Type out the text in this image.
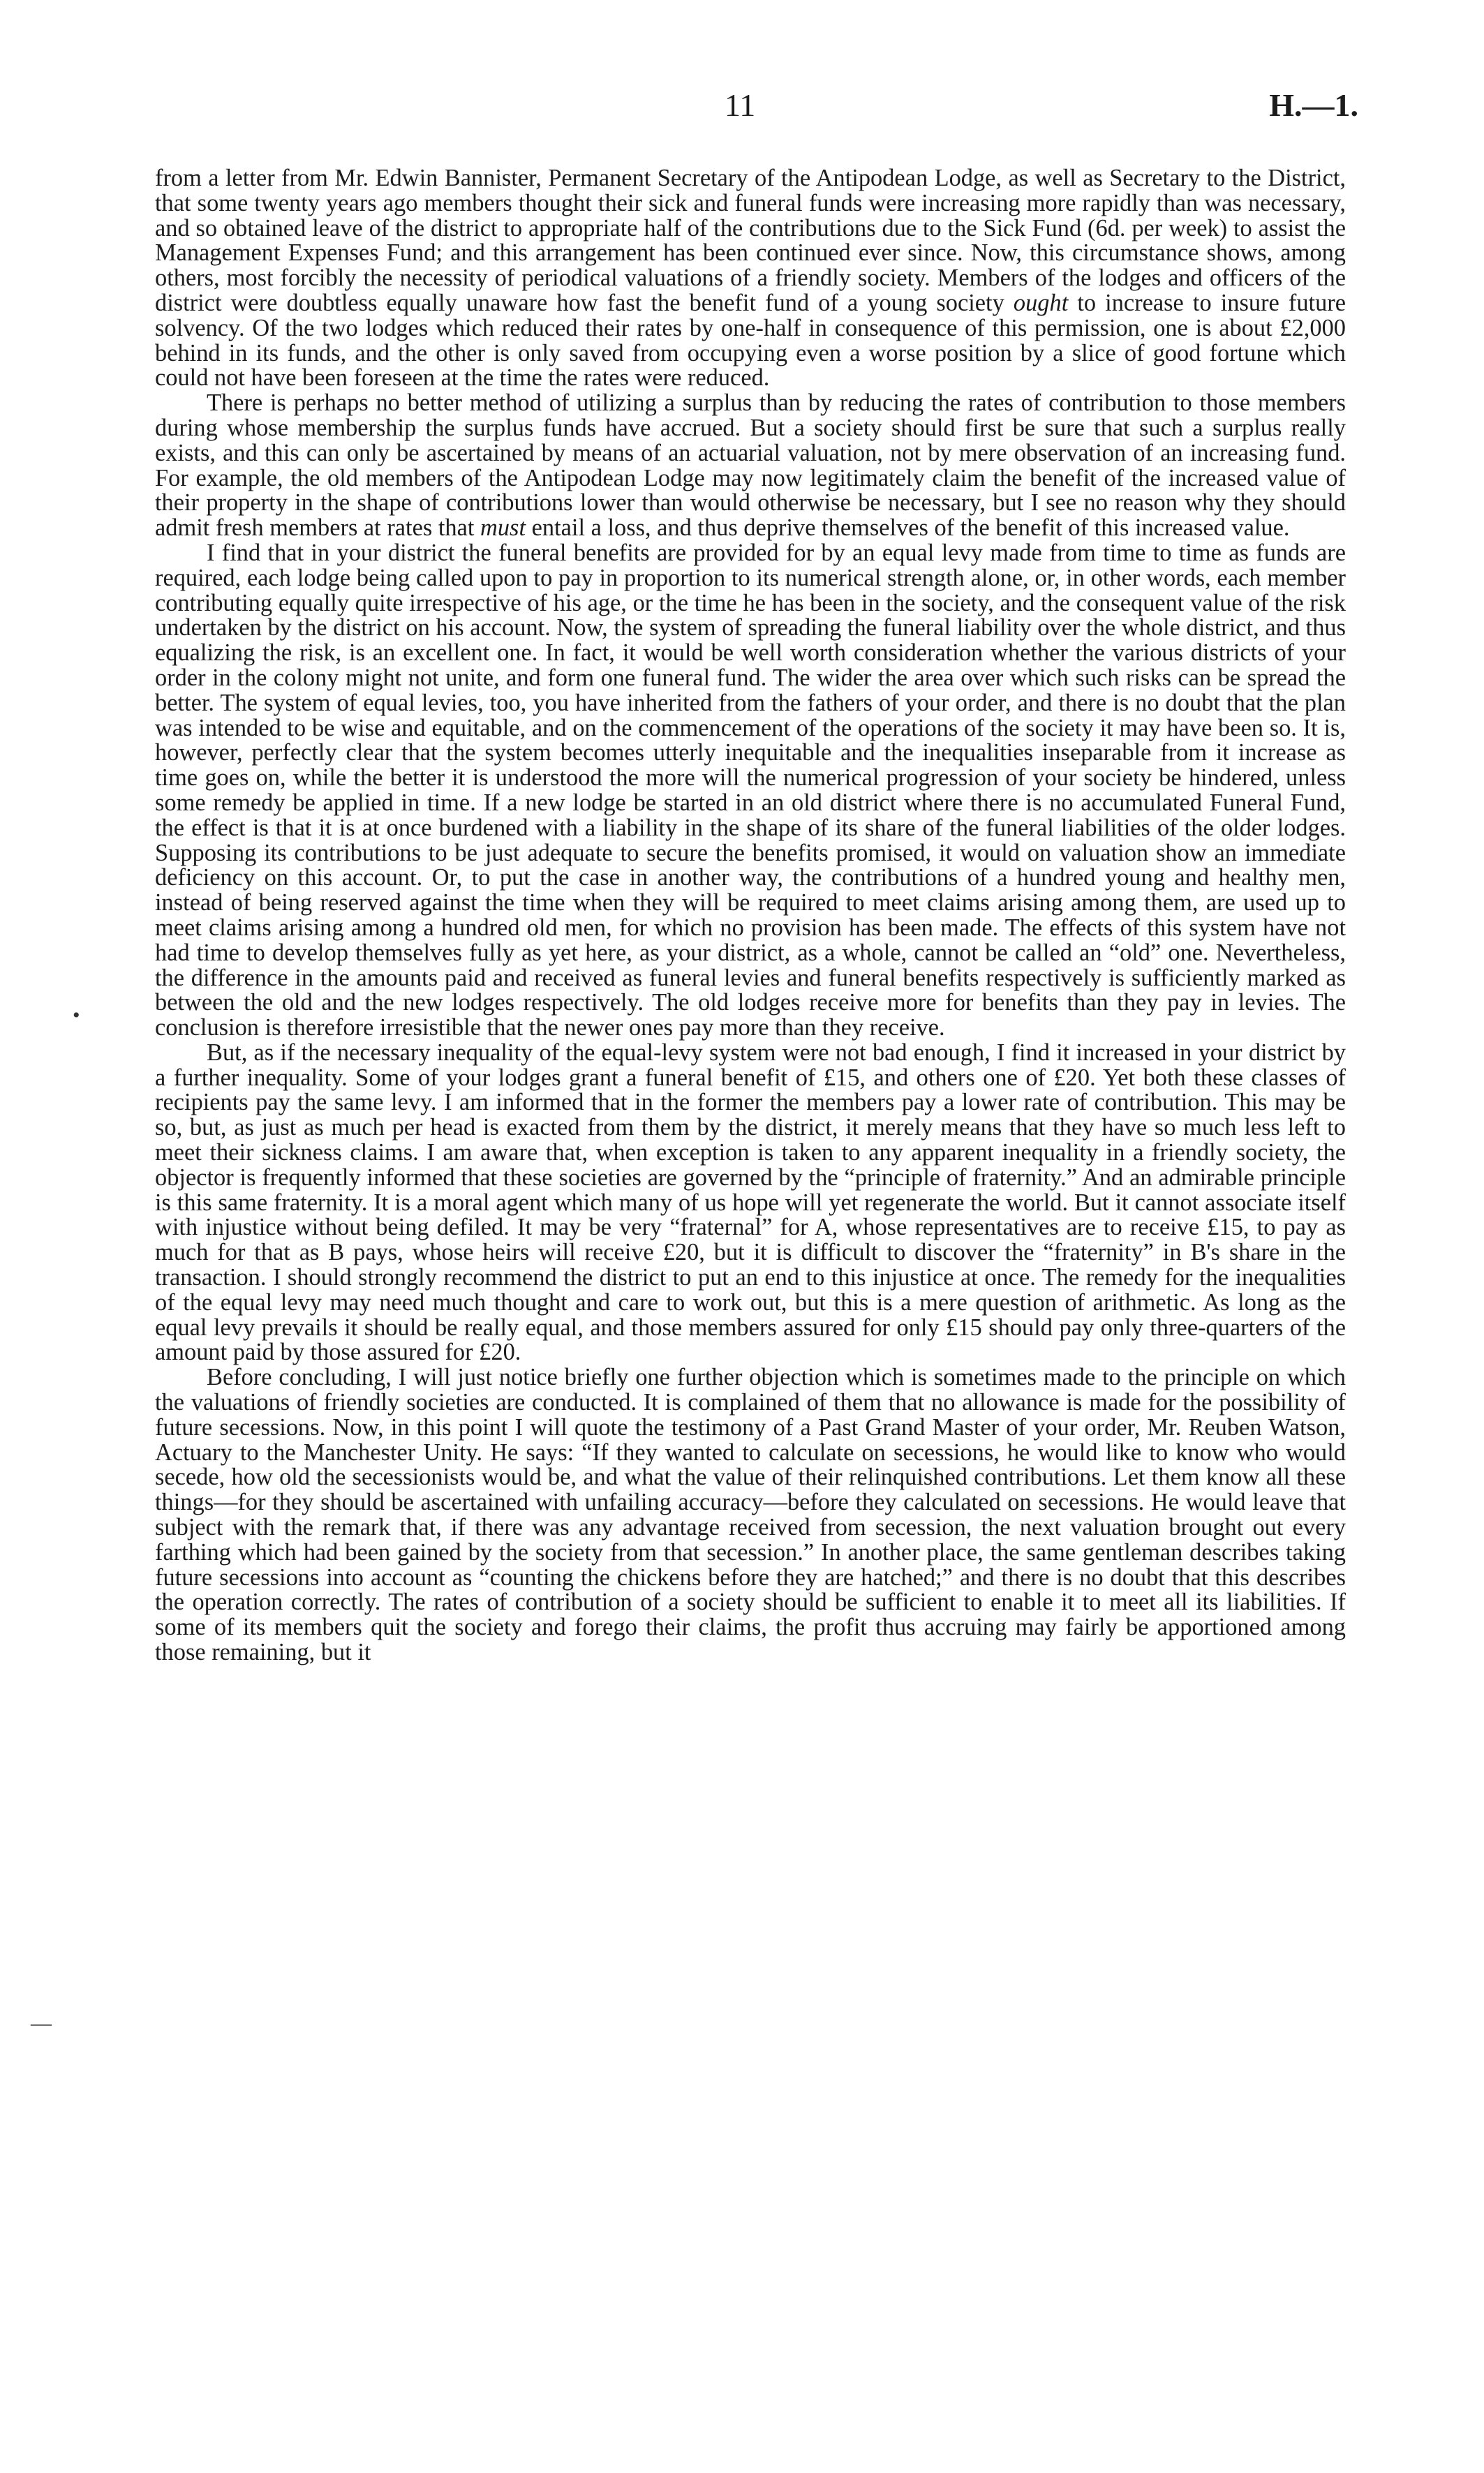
11	H.—1.
•
—

from a letter from Mr. Edwin Bannister, Permanent Secretary of the Antipodean Lodge, as well as Secretary to the District, that some twenty years ago members thought their sick and funeral funds were increasing more rapidly than was necessary, and so obtained leave of the district to appropriate half of the contributions due to the Sick Fund (6d. per week) to assist the Management Expenses Fund; and this arrangement has been continued ever since. Now, this circumstance shows, among others, most forcibly the necessity of periodical valuations of a friendly society. Members of the lodges and officers of the district were doubtless equally unaware how fast the benefit fund of a young society ought to increase to insure future solvency. Of the two lodges which reduced their rates by one-half in consequence of this permission, one is about £2,000 behind in its funds, and the other is only saved from occupying even a worse position by a slice of good fortune which could not have been foreseen at the time the rates were reduced.

There is perhaps no better method of utilizing a surplus than by reducing the rates of contribution to those members during whose membership the surplus funds have accrued. But a society should first be sure that such a surplus really exists, and this can only be ascertained by means of an actuarial valuation, not by mere observation of an increasing fund. For example, the old members of the Antipodean Lodge may now legitimately claim the benefit of the increased value of their property in the shape of contributions lower than would otherwise be necessary, but I see no reason why they should admit fresh members at rates that must entail a loss, and thus deprive themselves of the benefit of this increased value.

I find that in your district the funeral benefits are provided for by an equal levy made from time to time as funds are required, each lodge being called upon to pay in proportion to its numerical strength alone, or, in other words, each member contributing equally quite irrespective of his age, or the time he has been in the society, and the consequent value of the risk undertaken by the district on his account. Now, the system of spreading the funeral liability over the whole district, and thus equalizing the risk, is an excellent one. In fact, it would be well worth consideration whether the various districts of your order in the colony might not unite, and form one funeral fund. The wider the area over which such risks can be spread the better. The system of equal levies, too, you have inherited from the fathers of your order, and there is no doubt that the plan was intended to be wise and equitable, and on the commencement of the operations of the society it may have been so. It is, however, perfectly clear that the system becomes utterly inequitable and the inequalities inseparable from it increase as time goes on, while the better it is understood the more will the numerical progression of your society be hindered, unless some remedy be applied in time. If a new lodge be started in an old district where there is no accumulated Funeral Fund, the effect is that it is at once burdened with a liability in the shape of its share of the funeral liabilities of the older lodges. Supposing its contributions to be just adequate to secure the benefits promised, it would on valuation show an immediate deficiency on this account. Or, to put the case in another way, the contributions of a hundred young and healthy men, instead of being reserved against the time when they will be required to meet claims arising among them, are used up to meet claims arising among a hundred old men, for which no provision has been made. The effects of this system have not had time to develop themselves fully as yet here, as your district, as a whole, cannot be called an “old” one. Nevertheless, the difference in the amounts paid and received as funeral levies and funeral benefits respectively is sufficiently marked as between the old and the new lodges respectively. The old lodges receive more for benefits than they pay in levies. The conclusion is therefore irresistible that the newer ones pay more than they receive.

But, as if the necessary inequality of the equal-levy system were not bad enough, I find it increased in your district by a further inequality. Some of your lodges grant a funeral benefit of £15, and others one of £20. Yet both these classes of recipients pay the same levy. I am informed that in the former the members pay a lower rate of contribution. This may be so, but, as just as much per head is exacted from them by the district, it merely means that they have so much less left to meet their sickness claims. I am aware that, when exception is taken to any apparent inequality in a friendly society, the objector is frequently informed that these societies are governed by the “principle of fraternity.” And an admirable principle is this same fraternity. It is a moral agent which many of us hope will yet regenerate the world. But it cannot associate itself with injustice without being defiled. It may be very “fraternal” for A, whose representatives are to receive £15, to pay as much for that as B pays, whose heirs will receive £20, but it is difficult to discover the “fraternity” in B's share in the transaction. I should strongly recommend the district to put an end to this injustice at once. The remedy for the inequalities of the equal levy may need much thought and care to work out, but this is a mere question of arithmetic. As long as the equal levy prevails it should be really equal, and those members assured for only £15 should pay only three-quarters of the amount paid by those assured for £20.

Before concluding, I will just notice briefly one further objection which is sometimes made to the principle on which the valuations of friendly societies are conducted. It is complained of them that no allowance is made for the possibility of future secessions. Now, in this point I will quote the testimony of a Past Grand Master of your order, Mr. Reuben Watson, Actuary to the Manchester Unity. He says: “If they wanted to calculate on secessions, he would like to know who would secede, how old the secessionists would be, and what the value of their relinquished contributions. Let them know all these things—for they should be ascertained with unfailing accuracy—before they calculated on secessions. He would leave that subject with the remark that, if there was any advantage received from secession, the next valuation brought out every farthing which had been gained by the society from that secession.” In another place, the same gentleman describes taking future secessions into account as “counting the chickens before they are hatched;” and there is no doubt that this describes the operation correctly. The rates of contribution of a society should be sufficient to enable it to meet all its liabilities. If some of its members quit the society and forego their claims, the profit thus accruing may fairly be apportioned among those remaining, but it
